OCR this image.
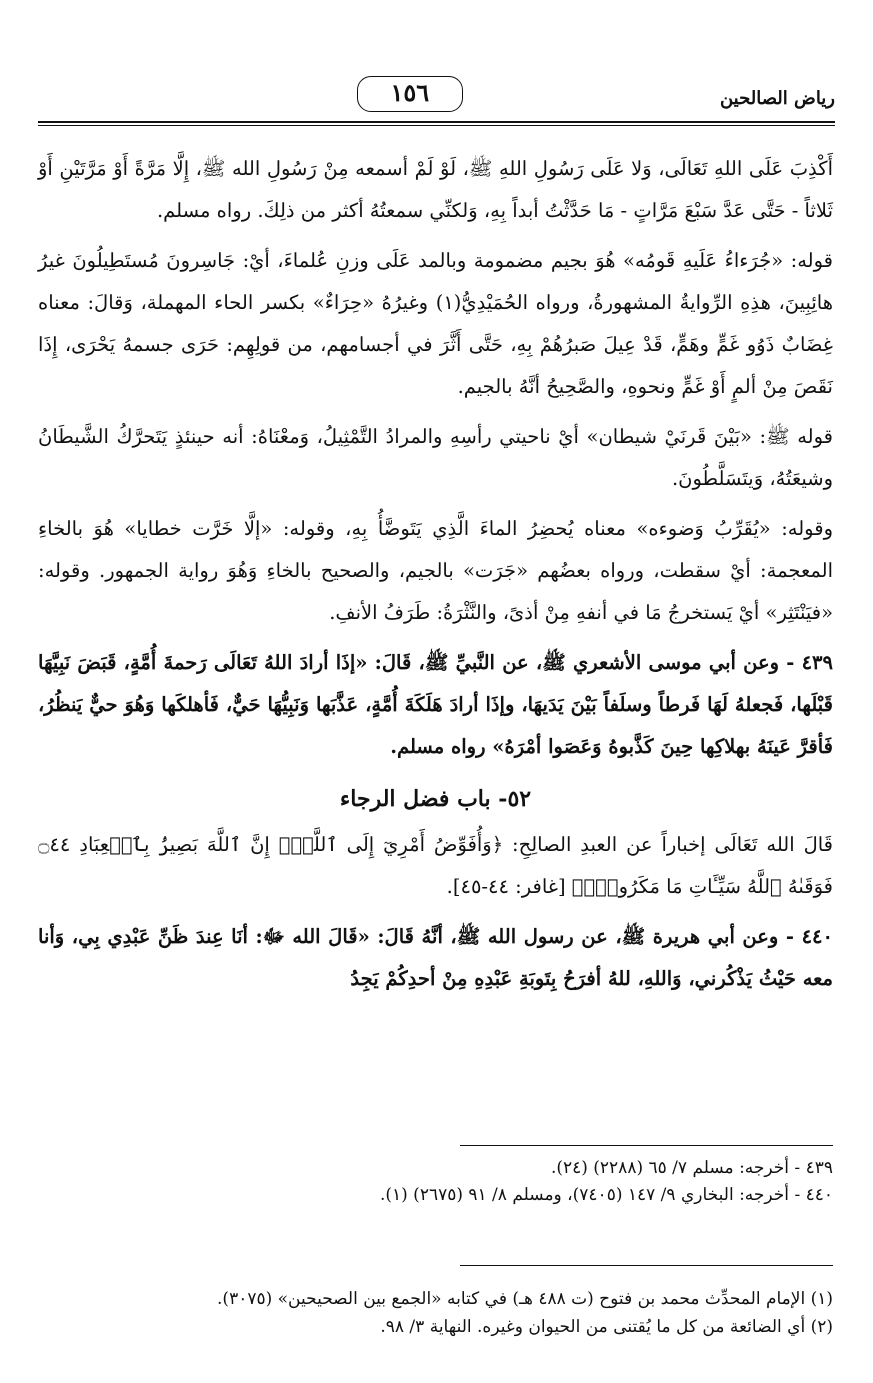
رياض الصالحين
١٥٦

أَكْذِبَ عَلَى اللهِ تَعَالَى، وَلا عَلَى رَسُولِ اللهِ ﷺ، لَوْ لَمْ أسمعه مِنْ رَسُولِ الله ﷺ، إِلَّا مَرَّةً أَوْ مَرَّتَيْنِ أَوْ ثَلاثاً - حَتَّى عَدَّ سَبْعَ مَرَّاتٍ - مَا حَدَّثْتُ أبداً بِهِ، وَلكنِّي سمعتُهُ أكثر من ذلِكَ. رواه مسلم.

قوله: «جُرَءاءُ عَلَيهِ قَومُه» هُوَ بجيم مضمومة وبالمد عَلَى وزنِ عُلماءَ، أيْ: جَاسِرونَ مُستَطِيلُونَ غيرُ هائِبِينَ، هذِهِ الرِّوايةُ المشهورةُ، ورواه الحُمَيْدِيُّ(١) وغيرُهُ «حِرَاءٌ» بكسر الحاء المهملة، وَقالَ: معناه غِضَابٌ ذَوُو غَمٍّ وهَمٍّ، قَدْ عِيلَ صَبرُهُمْ بِهِ، حَتَّى أَثَّرَ في أجسامهم، من قولِهِم: حَرَى جسمهُ يَحْرَى، إِذَا نَقَصَ مِنْ ألمٍ أَوْ غَمٍّ ونحوهِ، والصَّحِيحُ أنَّهُ بالجيم.

قوله ﷺ: «بَيْنَ قَرنَيْ شيطان» أيْ ناحيتي رأسِهِ والمرادُ التَّمْثِيلُ، وَمعْنَاهُ: أنه حينئذٍ يَتَحرَّكُ الشَّيطَانُ وشيعَتُهُ، وَيتَسَلَّطُونَ.

وقوله: «يُقَرِّبُ وَضوءه» معناه يُحضِرُ الماءَ الَّذِي يَتَوضَّأُ بِهِ، وقوله: «إلَّا خَرَّت خطايا» هُوَ بالخاءِ المعجمة: أيْ سقطت، ورواه بعضُهم «جَرَت» بالجيم، والصحيح بالخاءِ وَهُوَ رواية الجمهور. وقوله: «فيَنْتَثِر» أيْ يَستخرجُ مَا في أنفهِ مِنْ أذىً، والنَّثْرَةُ: طَرَفُ الأنفِ.

٤٣٩ - وعن أبي موسى الأشعري ﷺ، عن النَّبيِّ ﷺ، قَالَ: «إذَا أرادَ اللهُ تَعَالَى رَحمةَ أُمَّةٍ، قَبَضَ نَبِيَّهَا قَبْلَها، فَجعلهُ لَهَا فَرطاً وسلَفاً بَيْنَ يَدَيهَا، وإذَا أرادَ هَلَكَةَ أُمَّةٍ، عَذَّبَها وَنَبِيُّهَا حَيٌّ، فَأهلكَها وَهُوَ حيٌّ يَنظُرُ، فَأقرَّ عَينَهُ بهلاكِها حِينَ كَذَّبوهُ وَعَصَوا أمْرَهُ» رواه مسلم.

٥٢- باب فضل الرجاء

قَالَ الله تَعَالَى إخباراً عن العبدِ الصالِحِ: ﴿وَأُفَوِّضُ أَمْرِيٓ إِلَى ٱللَّهِۚ إِنَّ ٱللَّهَ بَصِيرُۢ بِٱلۡعِبَادِ ۝٤٤ فَوَقَىٰهُ ٱللَّهُ سَيِّـَٔاتِ مَا مَكَرُواْۖ﴾ [غافر: ٤٤-٤٥].

٤٤٠ - وعن أبي هريرة ﷺ، عن رسول الله ﷺ، أنَّهُ قَالَ: «قَالَ الله ﷻ: أنَا عِندَ ظَنِّ عَبْدِي بِي، وَأنا معه حَيْثُ يَذْكُرني، وَاللهِ، للهُ أفرَحُ بِتَوبَةِ عَبْدِهِ مِنْ أحدِكُمْ يَجِدُ

٤٣٩ - أخرجه: مسلم ٧/ ٦٥ (٢٢٨٨) (٢٤).
٤٤٠ - أخرجه: البخاري ٩/ ١٤٧ (٧٤٠٥)، ومسلم ٨/ ٩١ (٢٦٧٥) (١).
(١) الإمام المحدِّث محمد بن فتوح (ت ٤٨٨ هـ) في كتابه «الجمع بين الصحيحين» (٣٠٧٥).
(٢) أي الضائعة من كل ما يُقتنى من الحيوان وغيره. النهاية ٣/ ٩٨.
